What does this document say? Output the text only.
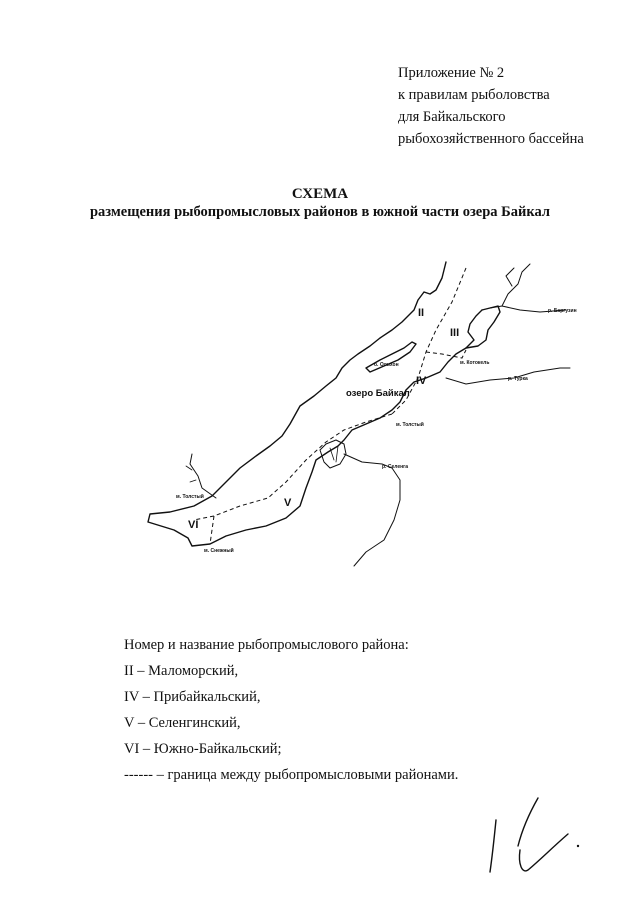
Приложение № 2
к правилам рыболовства
для Байкальского
рыбохозяйственного бассейна
СХЕМА
размещения рыбопромысловых районов в южной части озера Байкал
II
III
IV
V
VI
озеро Байкал
р. Баргузин
о. Ольхон	м. Котокель
р. Турка
м. Толстый
р. Селенга
м. Толстый
м. Снежный
Номер и название рыбопромыслового района:
II – Маломорский,
IV – Прибайкальский,
V – Селенгинский,
VI – Южно-Байкальский;
------ – граница между рыбопромысловыми районами.
